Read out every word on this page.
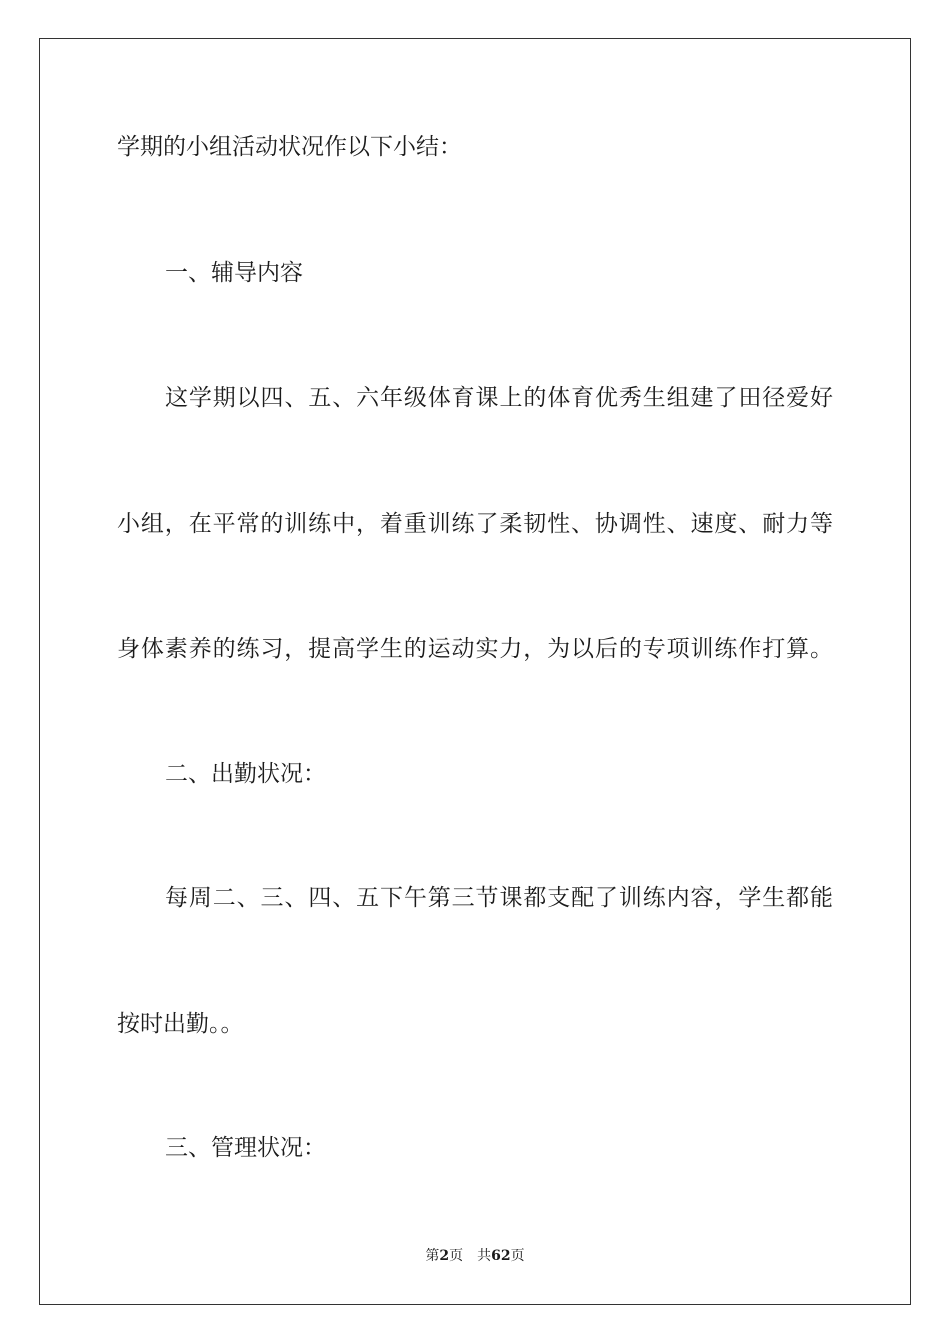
学期的小组活动状况作以下小结：
一、辅导内容
这学期以四、五、六年级体育课上的体育优秀生组建了田径爱好
小组，在平常的训练中，着重训练了柔韧性、协调性、速度、耐力等
身体素养的练习，提高学生的运动实力，为以后的专项训练作打算。
二、出勤状况：
每周二、三、四、五下午第三节课都支配了训练内容，学生都能
按时出勤。。
三、管理状况：
第2页 共62页
